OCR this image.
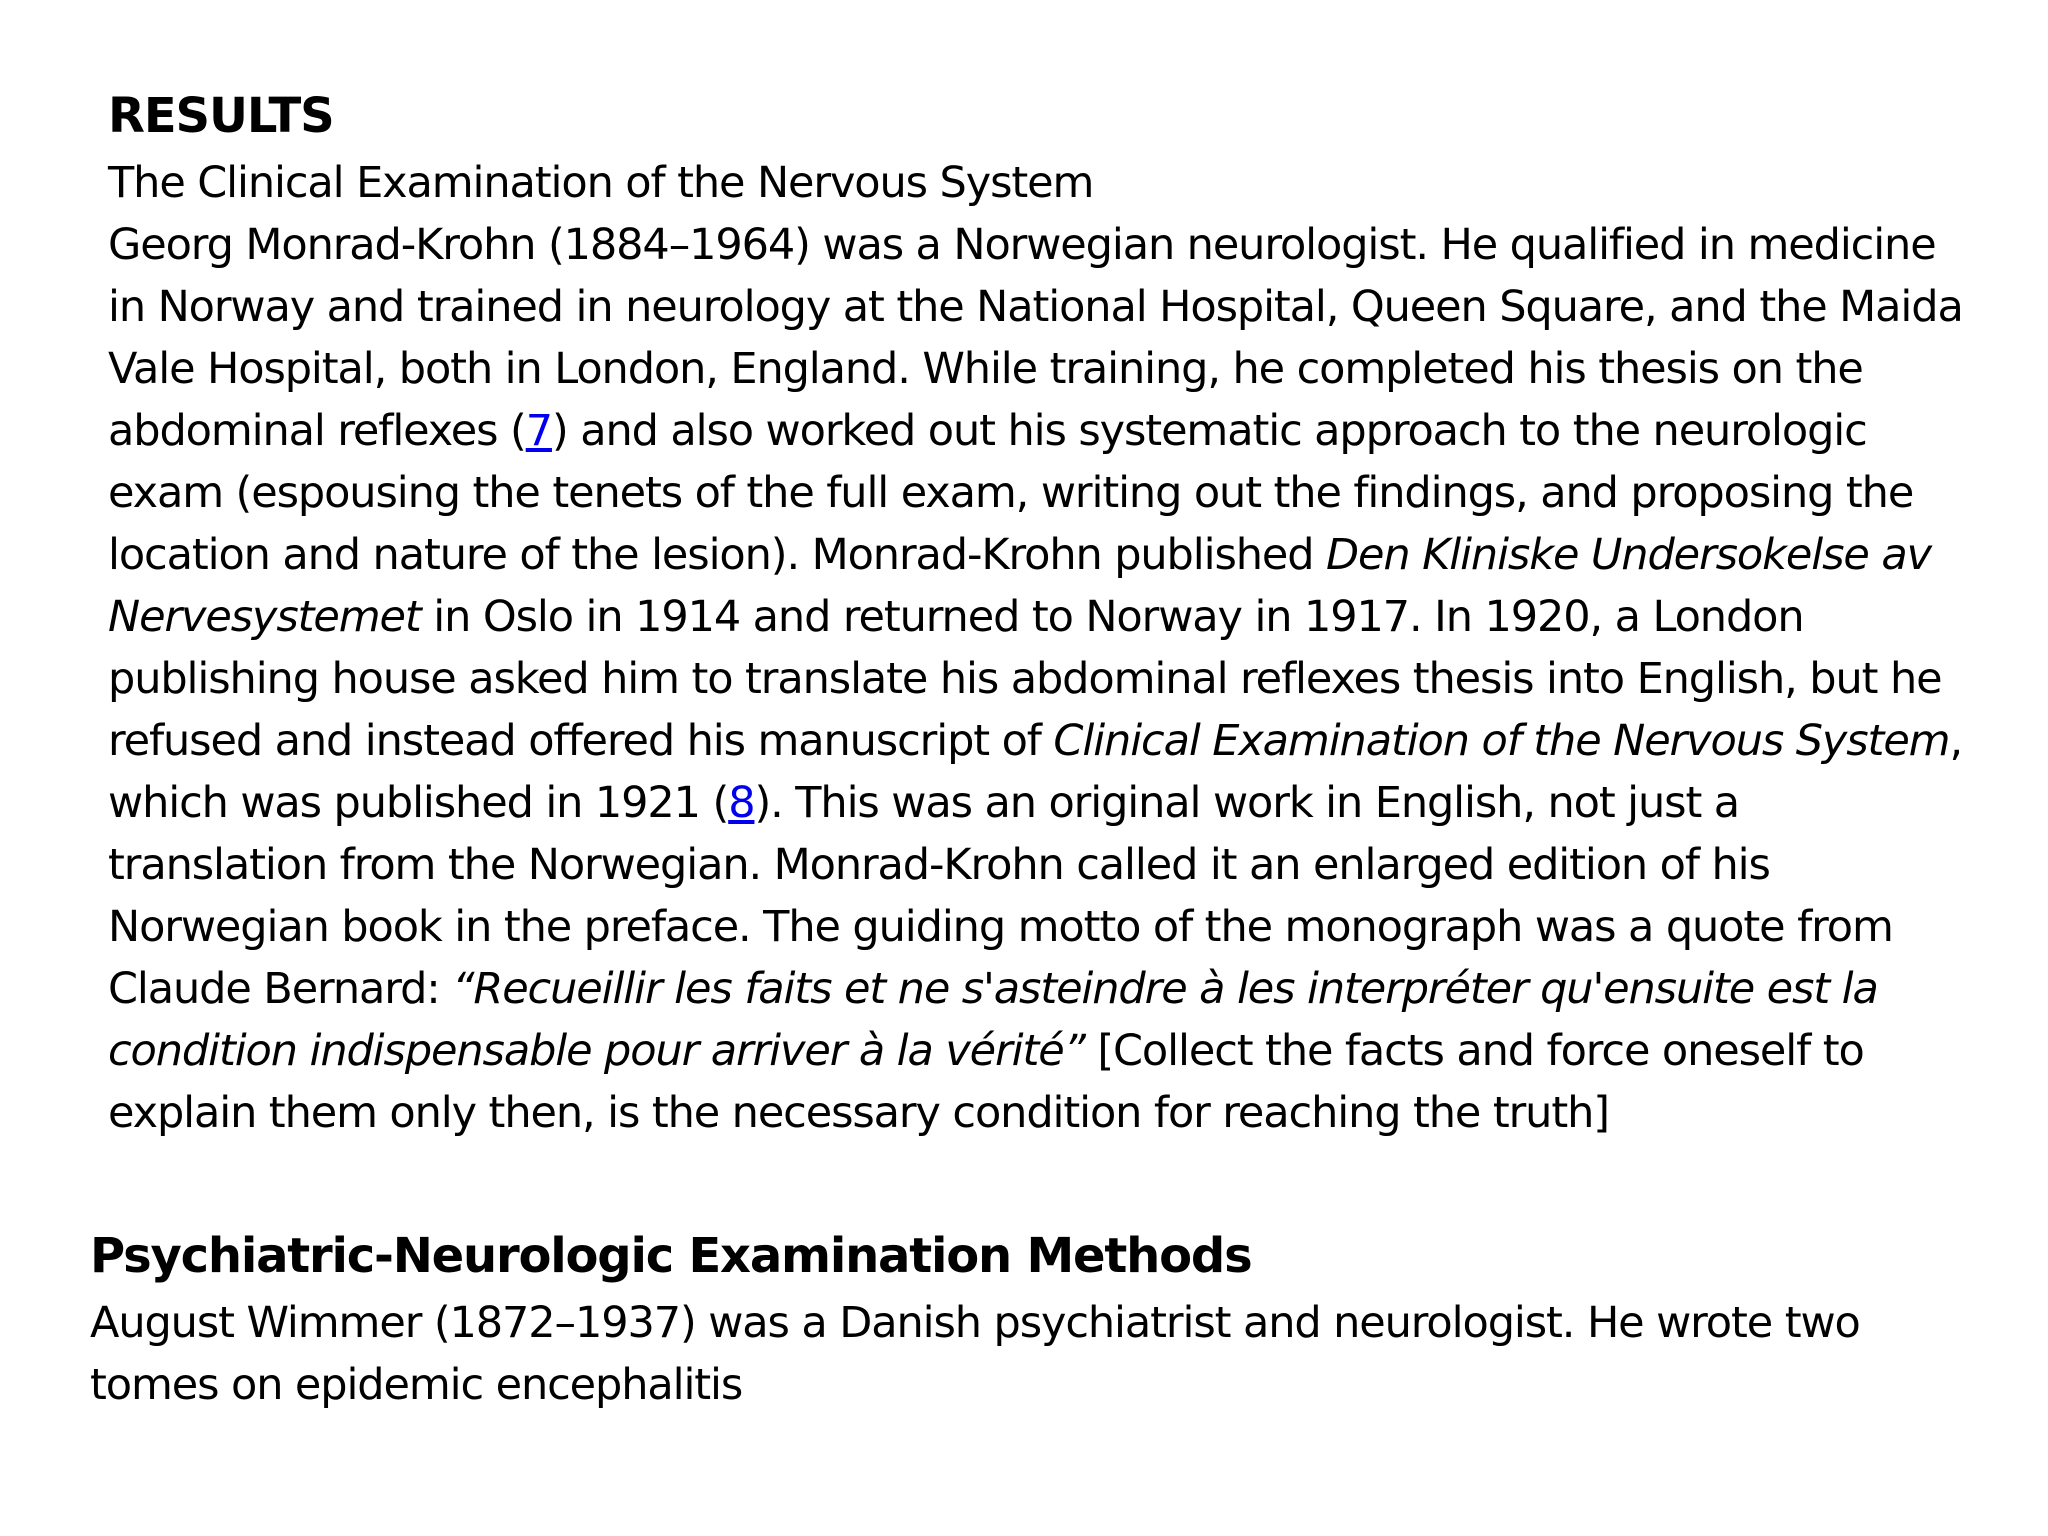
RESULTS

The Clinical Examination of the Nervous System

Georg Monrad-Krohn (1884–1964) was a Norwegian neurologist. He qualified in medicine in Norway and trained in neurology at the National Hospital, Queen Square, and the Maida Vale Hospital, both in London, England. While training, he completed his thesis on the abdominal reflexes (7) and also worked out his systematic approach to the neurologic exam (espousing the tenets of the full exam, writing out the findings, and proposing the location and nature of the lesion). Monrad-Krohn published Den Kliniske Undersokelse av Nervesystemet in Oslo in 1914 and returned to Norway in 1917. In 1920, a London publishing house asked him to translate his abdominal reflexes thesis into English, but he refused and instead offered his manuscript of Clinical Examination of the Nervous System, which was published in 1921 (8). This was an original work in English, not just a translation from the Norwegian. Monrad-Krohn called it an enlarged edition of his Norwegian book in the preface. The guiding motto of the monograph was a quote from Claude Bernard: “Recueillir les faits et ne s'asteindre à les interpréter qu'ensuite est la condition indispensable pour arriver à la vérité” [Collect the facts and force oneself to explain them only then, is the necessary condition for reaching the truth]

Psychiatric-Neurologic Examination Methods

August Wimmer (1872–1937) was a Danish psychiatrist and neurologist. He wrote two tomes on epidemic encephalitis
